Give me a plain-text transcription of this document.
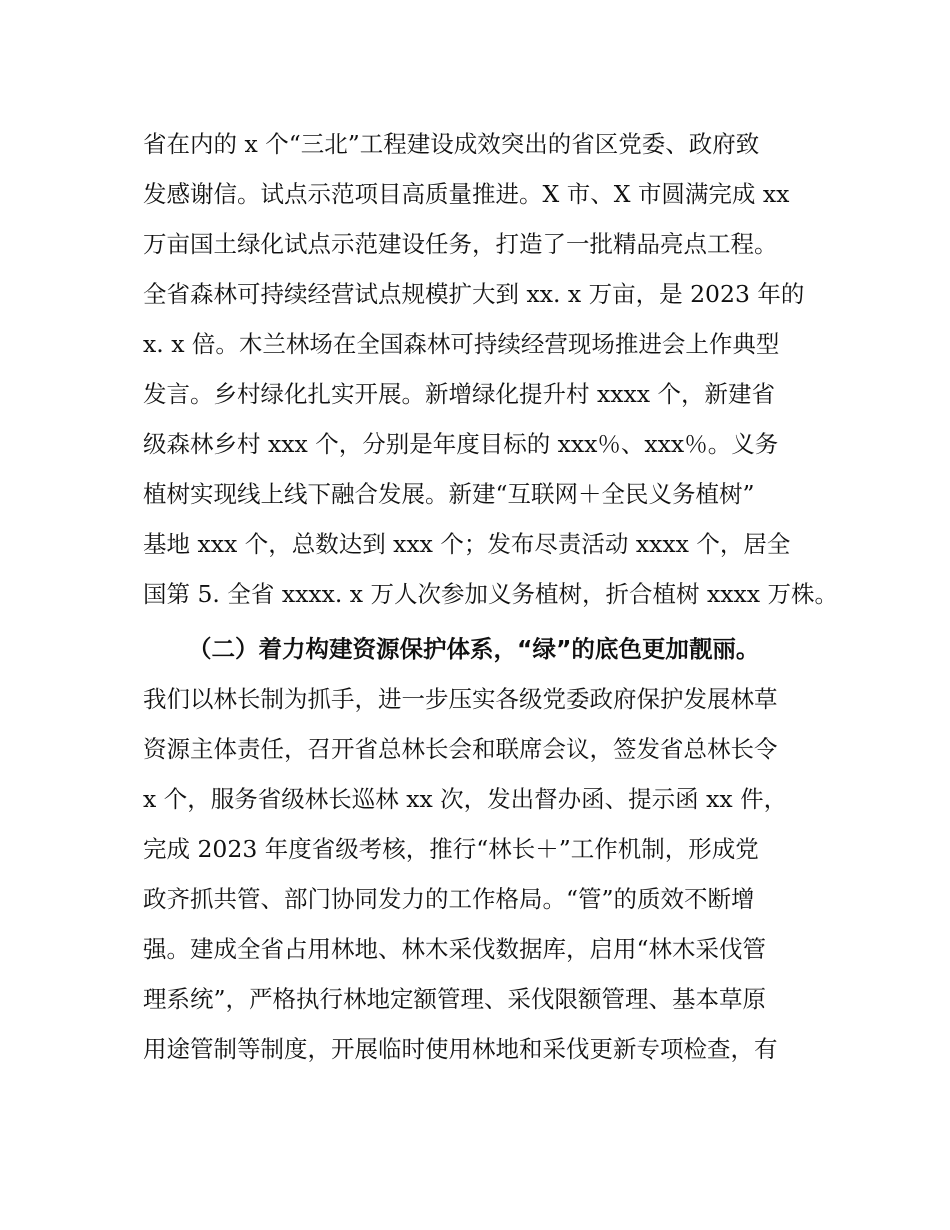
省在内的 x 个“三北”工程建设成效突出的省区党委、政府致
发感谢信。试点示范项目高质量推进。X 市、X 市圆满完成 xx
万亩国土绿化试点示范建设任务，打造了一批精品亮点工程。
全省森林可持续经营试点规模扩大到 xx. x 万亩，是 2023 年的
x. x 倍。木兰林场在全国森林可持续经营现场推进会上作典型
发言。乡村绿化扎实开展。新增绿化提升村 xxxx 个，新建省
级森林乡村 xxx 个，分别是年度目标的 xxx％、xxx％。义务
植树实现线上线下融合发展。新建“互联网＋全民义务植树”
基地 xxx 个，总数达到 xxx 个；发布尽责活动 xxxx 个，居全
国第 5. 全省 xxxx. x 万人次参加义务植树，折合植树 xxxx 万株。
（二）着力构建资源保护体系，“绿”的底色更加靓丽。
我们以林长制为抓手，进一步压实各级党委政府保护发展林草
资源主体责任，召开省总林长会和联席会议，签发省总林长令
x 个，服务省级林长巡林 xx 次，发出督办函、提示函 xx 件，
完成 2023 年度省级考核，推行“林长＋”工作机制，形成党
政齐抓共管、部门协同发力的工作格局。“管”的质效不断增
强。建成全省占用林地、林木采伐数据库，启用“林木采伐管
理系统”，严格执行林地定额管理、采伐限额管理、基本草原
用途管制等制度，开展临时使用林地和采伐更新专项检查，有
